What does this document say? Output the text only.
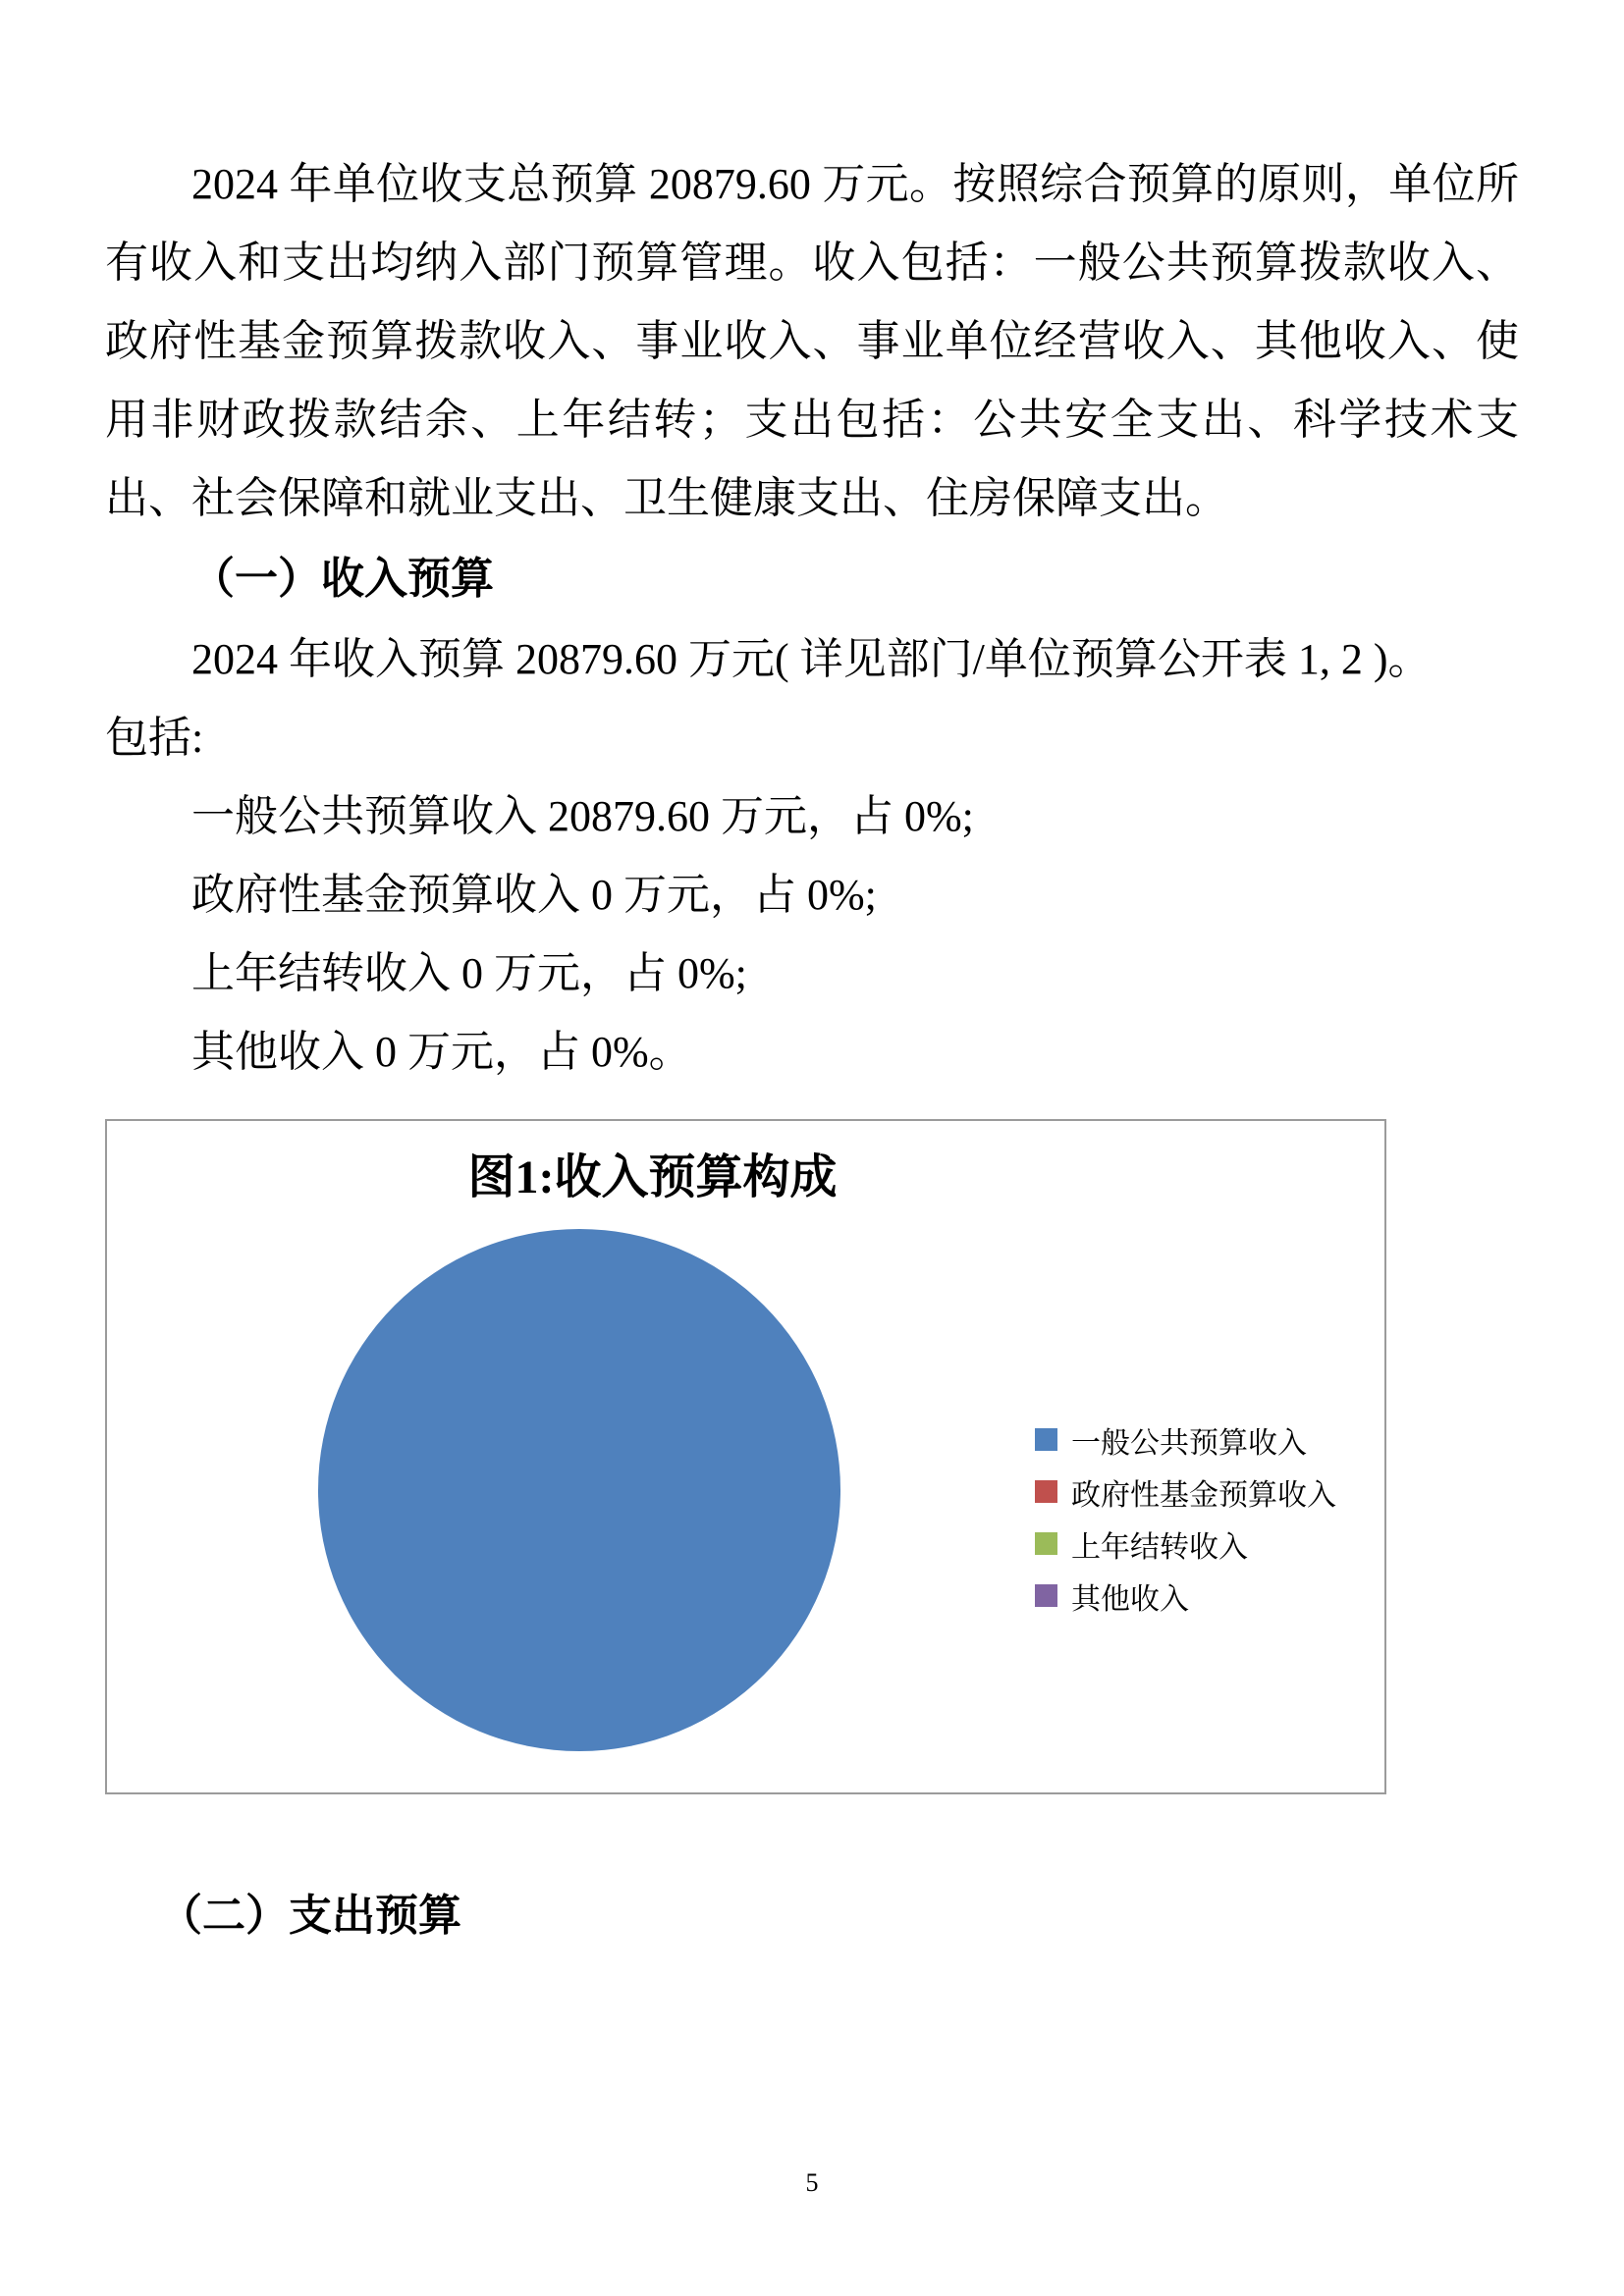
2024 年单位收支总预算 20879.60 万元。按照综合预算的原则，单位所有收入和支出均纳入部门预算管理。收入包括：一般公共预算拨款收入、政府性基金预算拨款收入、事业收入、事业单位经营收入、其他收入、使用非财政拨款结余、上年结转；支出包括：公共安全支出、科学技术支出、社会保障和就业支出、卫生健康支出、住房保障支出。

（一）收入预算

2024 年收入预算 20879.60 万元( 详见部门/单位预算公开表 1, 2 )。

包括:

一般公共预算收入 20879.60 万元，占 0%;

政府性基金预算收入 0 万元，占 0%;

上年结转收入 0 万元，占 0%;

其他收入 0 万元，占 0%。

图1:收入预算构成
一般公共预算收入
政府性基金预算收入
上年结转收入
其他收入

（二）支出预算

5
